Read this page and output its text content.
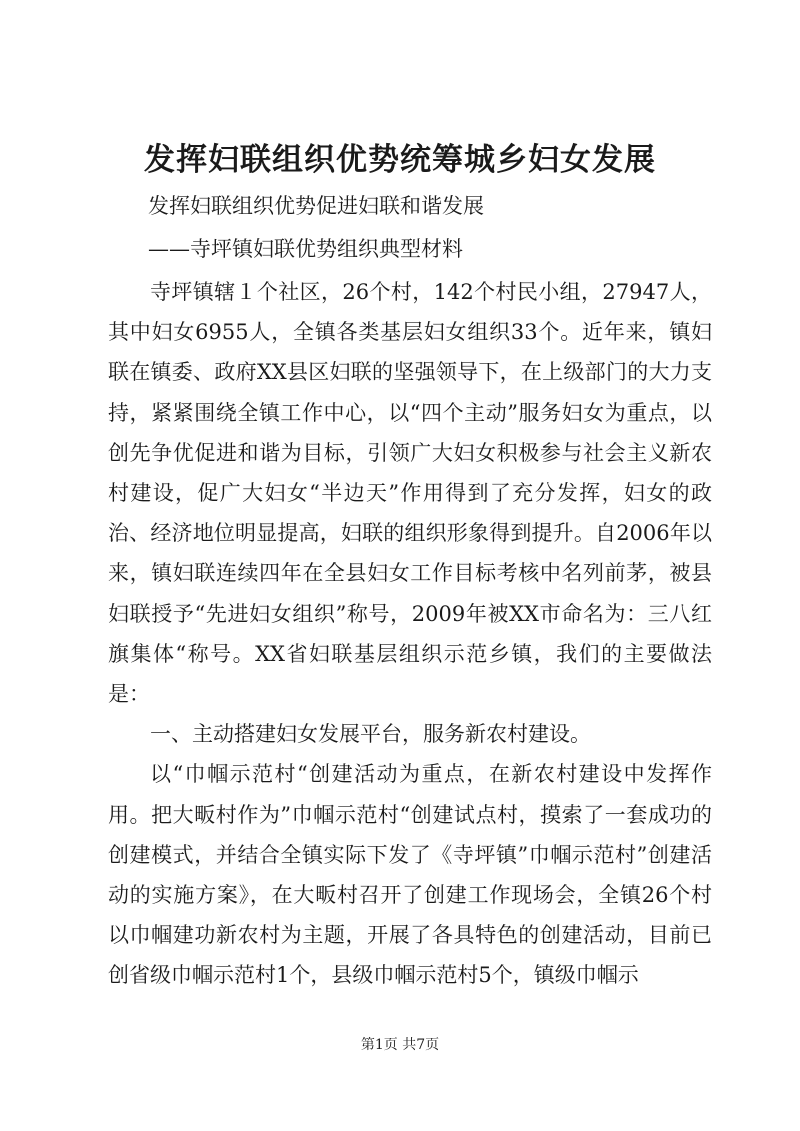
发挥妇联组织优势统筹城乡妇女发展
发挥妇联组织优势促进妇联和谐发展
——寺坪镇妇联优势组织典型材料

寺坪镇辖１个社区，26个村，142个村民小组，27947人，其中妇女6955人，全镇各类基层妇女组织33个。近年来，镇妇联在镇委、政府XX县区妇联的坚强领导下，在上级部门的大力支持，紧紧围绕全镇工作中心，以“四个主动”服务妇女为重点，以创先争优促进和谐为目标，引领广大妇女积极参与社会主义新农村建设，促广大妇女“半边天”作用得到了充分发挥，妇女的政治、经济地位明显提高，妇联的组织形象得到提升。自2006年以来，镇妇联连续四年在全县妇女工作目标考核中名列前茅，被县妇联授予“先进妇女组织”称号，2009年被XX市命名为：三八红旗集体“称号。XX省妇联基层组织示范乡镇，我们的主要做法是：

一、主动搭建妇女发展平台，服务新农村建设。

以“巾帼示范村“创建活动为重点，在新农村建设中发挥作用。把大畈村作为”巾帼示范村“创建试点村，摸索了一套成功的创建模式，并结合全镇实际下发了《寺坪镇”巾帼示范村”创建活动的实施方案》，在大畈村召开了创建工作现场会，全镇26个村以巾帼建功新农村为主题，开展了各具特色的创建活动，目前已创省级巾帼示范村1个，县级巾帼示范村5个，镇级巾帼示

第1页 共7页
